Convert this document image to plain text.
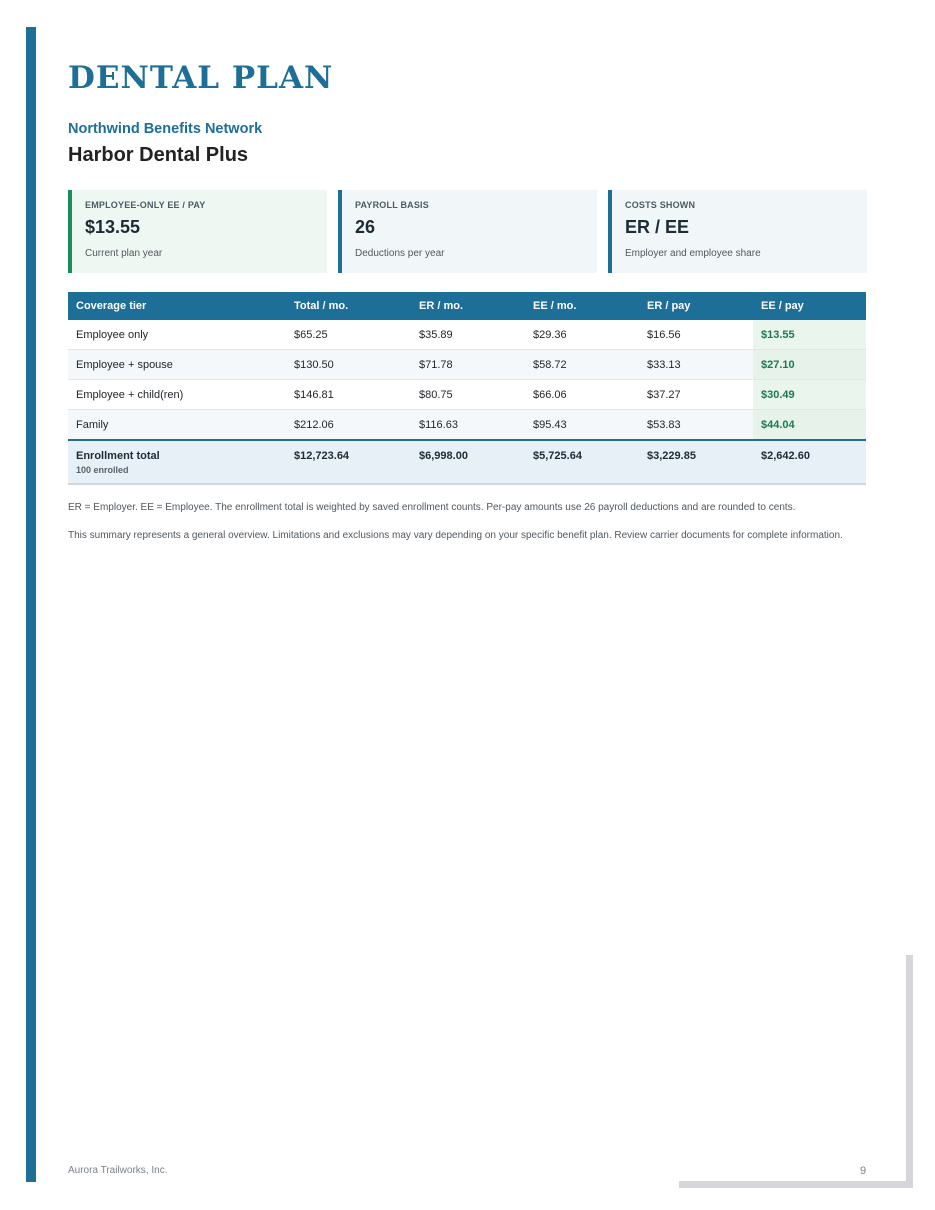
DENTAL PLAN
Northwind Benefits Network
Harbor Dental Plus
EMPLOYEE-ONLY EE / PAY
$13.55
Current plan year
PAYROLL BASIS
26
Deductions per year
COSTS SHOWN
ER / EE
Employer and employee share
Coverage tier	Total / mo.	ER / mo.	EE / mo.	ER / pay	EE / pay
Employee only	$65.25	$35.89	$29.36	$16.56	$13.55
Employee + spouse	$130.50	$71.78	$58.72	$33.13	$27.10
Employee + child(ren)	$146.81	$80.75	$66.06	$37.27	$30.49
Family	$212.06	$116.63	$95.43	$53.83	$44.04
Enrollment total
100 enrolled	$12,723.64	$6,998.00	$5,725.64	$3,229.85	$2,642.60

ER = Employer. EE = Employee. The enrollment total is weighted by saved enrollment counts. Per-pay amounts use 26 payroll deductions and are rounded to cents.

This summary represents a general overview. Limitations and exclusions may vary depending on your specific benefit plan. Review carrier documents for complete information.

Aurora Trailworks, Inc.	9
